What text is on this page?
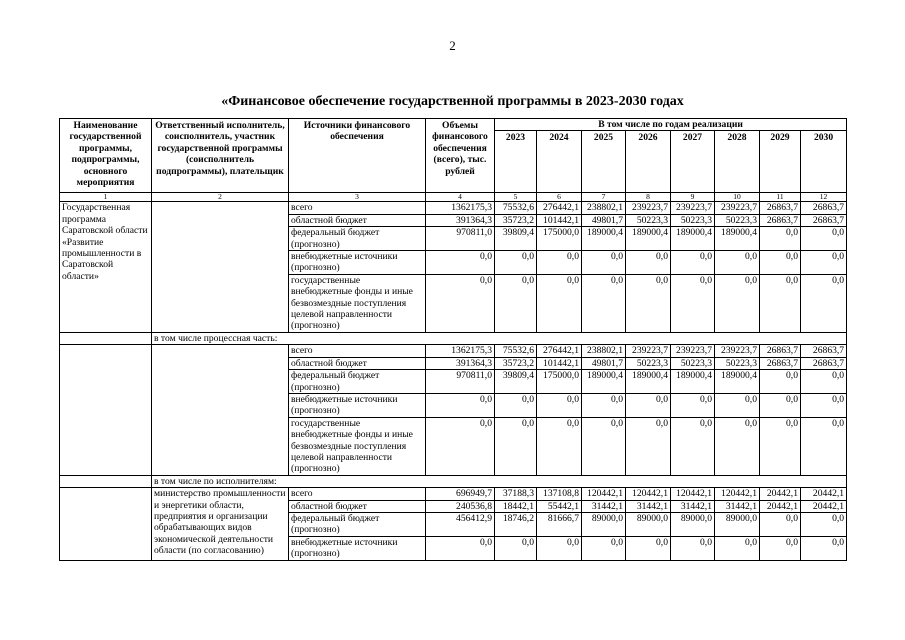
2
«Финансовое обеспечение государственной программы в 2023-2030 годах
Наименование государственной программы, подпрограммы, основного мероприятия	Ответственный исполнитель, соисполнитель, участник государственной программы (соисполнитель подпрограммы), плательщик	Источники финансового обеспечения	Объемы финансового обеспечения (всего), тыс. рублей	В том числе по годам реализации							
				2023	2024	2025	2026	2027	2028	2029	2030
1	2	3	4	5	6	7	8	9	10	11	12
Государственная программа Саратовской области «Развитие промышленности в Саратовской области»		всего	1362175,3	75532,6	276442,1	238802,1	239223,7	239223,7	239223,7	26863,7	26863,7
		областной бюджет	391364,3	35723,2	101442,1	49801,7	50223,3	50223,3	50223,3	26863,7	26863,7
		федеральный бюджет (прогнозно)	970811,0	39809,4	175000,0	189000,4	189000,4	189000,4	189000,4	0,0	0,0
		внебюджетные источники (прогнозно)	0,0	0,0	0,0	0,0	0,0	0,0	0,0	0,0	0,0
		государственные внебюджетные фонды и иные безвозмездные поступления целевой направленности (прогнозно)	0,0	0,0	0,0	0,0	0,0	0,0	0,0	0,0	0,0
	в том числе процессная часть:										
		всего	1362175,3	75532,6	276442,1	238802,1	239223,7	239223,7	239223,7	26863,7	26863,7
		областной бюджет	391364,3	35723,2	101442,1	49801,7	50223,3	50223,3	50223,3	26863,7	26863,7
		федеральный бюджет (прогнозно)	970811,0	39809,4	175000,0	189000,4	189000,4	189000,4	189000,4	0,0	0,0
		внебюджетные источники (прогнозно)	0,0	0,0	0,0	0,0	0,0	0,0	0,0	0,0	0,0
		государственные внебюджетные фонды и иные безвозмездные поступления целевой направленности (прогнозно)	0,0	0,0	0,0	0,0	0,0	0,0	0,0	0,0	0,0
	в том числе по исполнителям:										
	министерство промышленности и энергетики области, предприятия и организации обрабатывающих видов экономической деятельности области (по согласованию)	всего	696949,7	37188,3	137108,8	120442,1	120442,1	120442,1	120442,1	20442,1	20442,1
		областной бюджет	240536,8	18442,1	55442,1	31442,1	31442,1	31442,1	31442,1	20442,1	20442,1
		федеральный бюджет (прогнозно)	456412,9	18746,2	81666,7	89000,0	89000,0	89000,0	89000,0	0,0	0,0
		внебюджетные источники (прогнозно)	0,0	0,0	0,0	0,0	0,0	0,0	0,0	0,0	0,0
